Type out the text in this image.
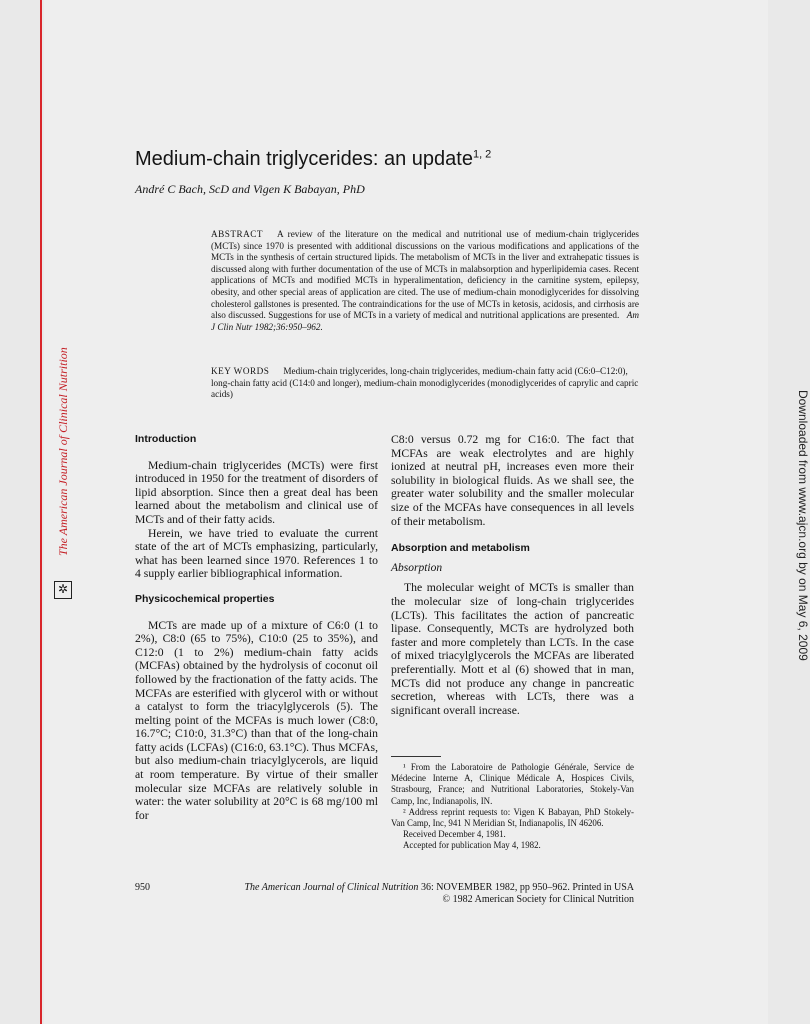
The American Journal of Clinical Nutrition
✲	Downloaded from www.ajcn.org by on May 6, 2009
Medium-chain triglycerides: an update$^{1, 2}$
André C Bach, ScD and Vigen K Babayan, PhD
ABSTRACT A review of the literature on the medical and nutritional use of medium-chain triglycerides (MCTs) since 1970 is presented with additional discussions on the various modifications and applications of the MCTs in the synthesis of certain structured lipids. The metabolism of MCTs in the liver and extrahepatic tissues is discussed along with further documentation of the use of MCTs in malabsorption and hyperlipidemia cases. Recent applications of MCTs and modified MCTs in hyperalimentation, deficiency in the carnitine system, epilepsy, obesity, and other special areas of application are cited. The use of medium-chain monodiglycerides for dissolving cholesterol gallstones is presented. The contraindications for the use of MCTs in ketosis, acidosis, and cirrhosis are also discussed. Suggestions for use of MCTs in a variety of medical and nutritional applications are presented. Am J Clin Nutr 1982;36:950–962.
KEY WORDS Medium-chain triglycerides, long-chain triglycerides, medium-chain fatty acid (C6:0–C12:0), long-chain fatty acid (C14:0 and longer), medium-chain monodiglycerides (monodiglycerides of caprylic and capric acids)
Introduction

Medium-chain triglycerides (MCTs) were first introduced in 1950 for the treatment of disorders of lipid absorption. Since then a great deal has been learned about the metabolism and clinical use of MCTs and of their fatty acids.

Herein, we have tried to evaluate the current state of the art of MCTs emphasizing, particularly, what has been learned since 1970. References 1 to 4 supply earlier bibliographical information.

Physicochemical properties

MCTs are made up of a mixture of C6:0 (1 to 2%), C8:0 (65 to 75%), C10:0 (25 to 35%), and C12:0 (1 to 2%) medium-chain fatty acids (MCFAs) obtained by the hydrolysis of coconut oil followed by the fractionation of the fatty acids. The MCFAs are esterified with glycerol with or without a catalyst to form the triacylglycerols (5). The melting point of the MCFAs is much lower (C8:0, 16.7°C; C10:0, 31.3°C) than that of the long-chain fatty acids (LCFAs) (C16:0, 63.1°C). Thus MCFAs, but also medium-chain triacylglycerols, are liquid at room temperature. By virtue of their smaller molecular size MCFAs are relatively soluble in water: the water solubility at 20°C is 68 mg/100 ml for

C8:0 versus 0.72 mg for C16:0. The fact that MCFAs are weak electrolytes and are highly ionized at neutral pH, increases even more their solubility in biological fluids. As we shall see, the greater water solubility and the smaller molecular size of the MCFAs have consequences in all levels of their metabolism.

Absorption and metabolism
Absorption

The molecular weight of MCTs is smaller than the molecular size of long-chain triglycerides (LCTs). This facilitates the action of pancreatic lipase. Consequently, MCTs are hydrolyzed both faster and more completely than LCTs. In the case of mixed triacylglycerols the MCFAs are liberated preferentially. Mott et al (6) showed that in man, MCTs did not produce any change in pancreatic secretion, whereas with LCTs, there was a significant overall increase.

¹ From the Laboratoire de Pathologie Générale, Service de Médecine Interne A, Clinique Médicale A, Hospices Civils, Strasbourg, France; and Nutritional Laboratories, Stokely-Van Camp, Inc, Indianapolis, IN.

² Address reprint requests to: Vigen K Babayan, PhD Stokely-Van Camp, Inc, 941 N Meridian St, Indianapolis, IN 46206.

Received December 4, 1981.

Accepted for publication May 4, 1982.

950	The American Journal of Clinical Nutrition 36: NOVEMBER 1982, pp 950–962. Printed in USA
© 1982 American Society for Clinical Nutrition
